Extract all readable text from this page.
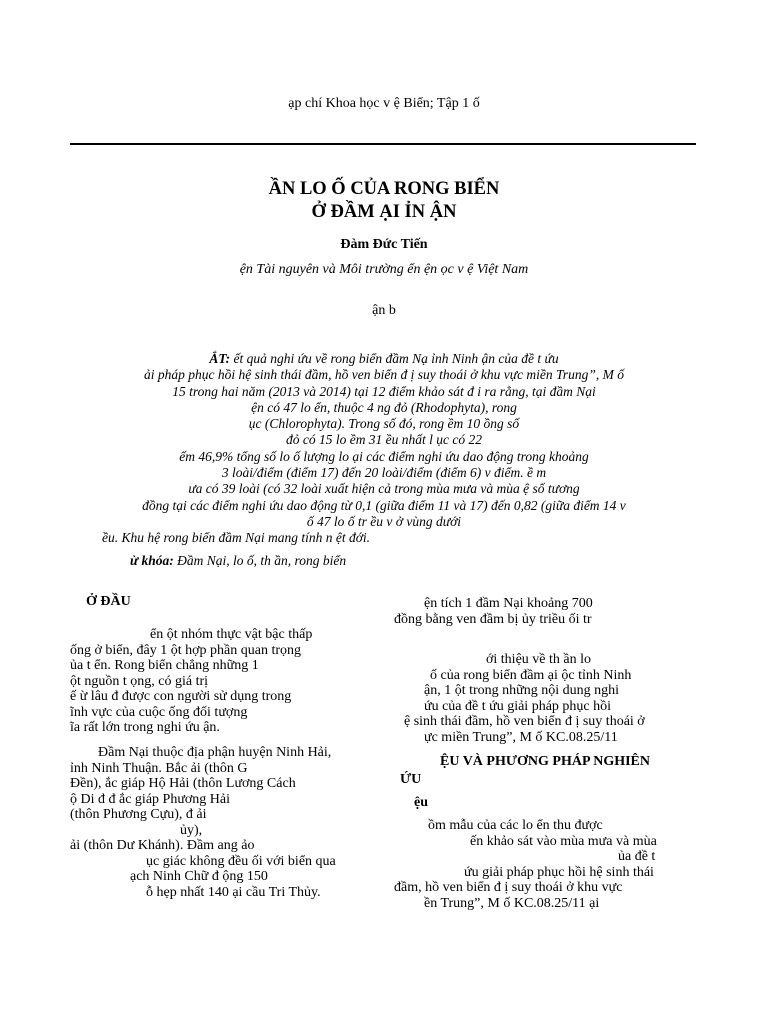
ạp chí Khoa học v ệ Biển; Tập 1 ố
ẦN LO Ố CỦA RONG BIỂN
Ở ĐẦM ẠI ỈN ẬN
Đàm Đức Tiến
ện Tài nguyên và Môi trường ển ện ọc v ệ Việt Nam
ận b

ẮT: ết quả nghi ứu về rong biển đầm Nạ ỉnh Ninh ận của đề t ứu

ải pháp phục hồi hệ sinh thái đầm, hồ ven biển đ ị suy thoái ở khu vực miền Trung”, M ố

15 trong hai năm (2013 và 2014) tại 12 điểm khảo sát đ i ra rằng, tại đầm Nại

ện có 47 lo ển, thuộc 4 ng đỏ (Rhodophyta), rong

ục (Chlorophyta). Trong số đó, rong ềm 10 ồng số

đỏ có 15 lo ềm 31 ều nhất l ục có 22

ếm 46,9% tổng số lo ố lượng lo ại các điểm nghi ứu dao động trong khoảng

3 loài/điểm (điểm 17) đến 20 loài/điểm (điểm 6) v điểm. ề m

ưa có 39 loài (có 32 loài xuất hiện cả trong mùa mưa và mùa ệ số tương

đồng tại các điểm nghi ứu dao động từ 0,1 (giữa điểm 11 và 17) đến 0,82 (giữa điểm 14 v

ố 47 lo ố tr ều v ở vùng dưới

ều. Khu hệ rong biển đầm Nại mang tính n ệt đới.

ừ khóa: Đầm Nại, lo ố, th ần, rong biển
Ở ĐẦU

ển ột nhóm thực vật bậc thấp

ống ở biển, đây 1 ột hợp phần quan trọng

ủa t ển. Rong biển chẳng những 1

ột nguồn t ọng, có giá trị

ế ừ lâu đ được con người sử dụng trong

ĩnh vực của cuộc ống đối tượng

ĩa rất lớn trong nghi ứu ận.

Đầm Nại thuộc địa phận huyện Ninh Hải,

ỉnh Ninh Thuận. Bắc ải (thôn G

Đền), ắc giáp Hộ Hải (thôn Lương Cách

ộ Di đ đ ắc giáp Phương Hải

(thôn Phương Cựu), đ ải

ủy),

ải (thôn Dư Khánh). Đầm ang ảo

ục giác không đều ối với biển qua

ạch Ninh Chữ đ ộng 150

ỗ hẹp nhất 140 ại cầu Tri Thủy.

ện tích 1 đầm Nại khoảng 700

đồng bằng ven đầm bị ủy triều ối tr

ới thiệu về th ần lo

ố của rong biển đầm ại ộc tỉnh Ninh

ận, 1 ột trong những nội dung nghi

ứu của đề t ứu giải pháp phục hồi

ệ sinh thái đầm, hồ ven biển đ ị suy thoái ở

ực miền Trung”, M ố KC.08.25/11

ỆU VÀ PHƯƠNG PHÁP NGHIÊN
ỨU
ệu

ồm mẫu của các lo ển thu được

ến khảo sát vào mùa mưa và mùa

ủa đề t

ứu giải pháp phục hồi hệ sinh thái

đầm, hồ ven biển đ ị suy thoái ở khu vực

ền Trung”, M ố KC.08.25/11 ại
